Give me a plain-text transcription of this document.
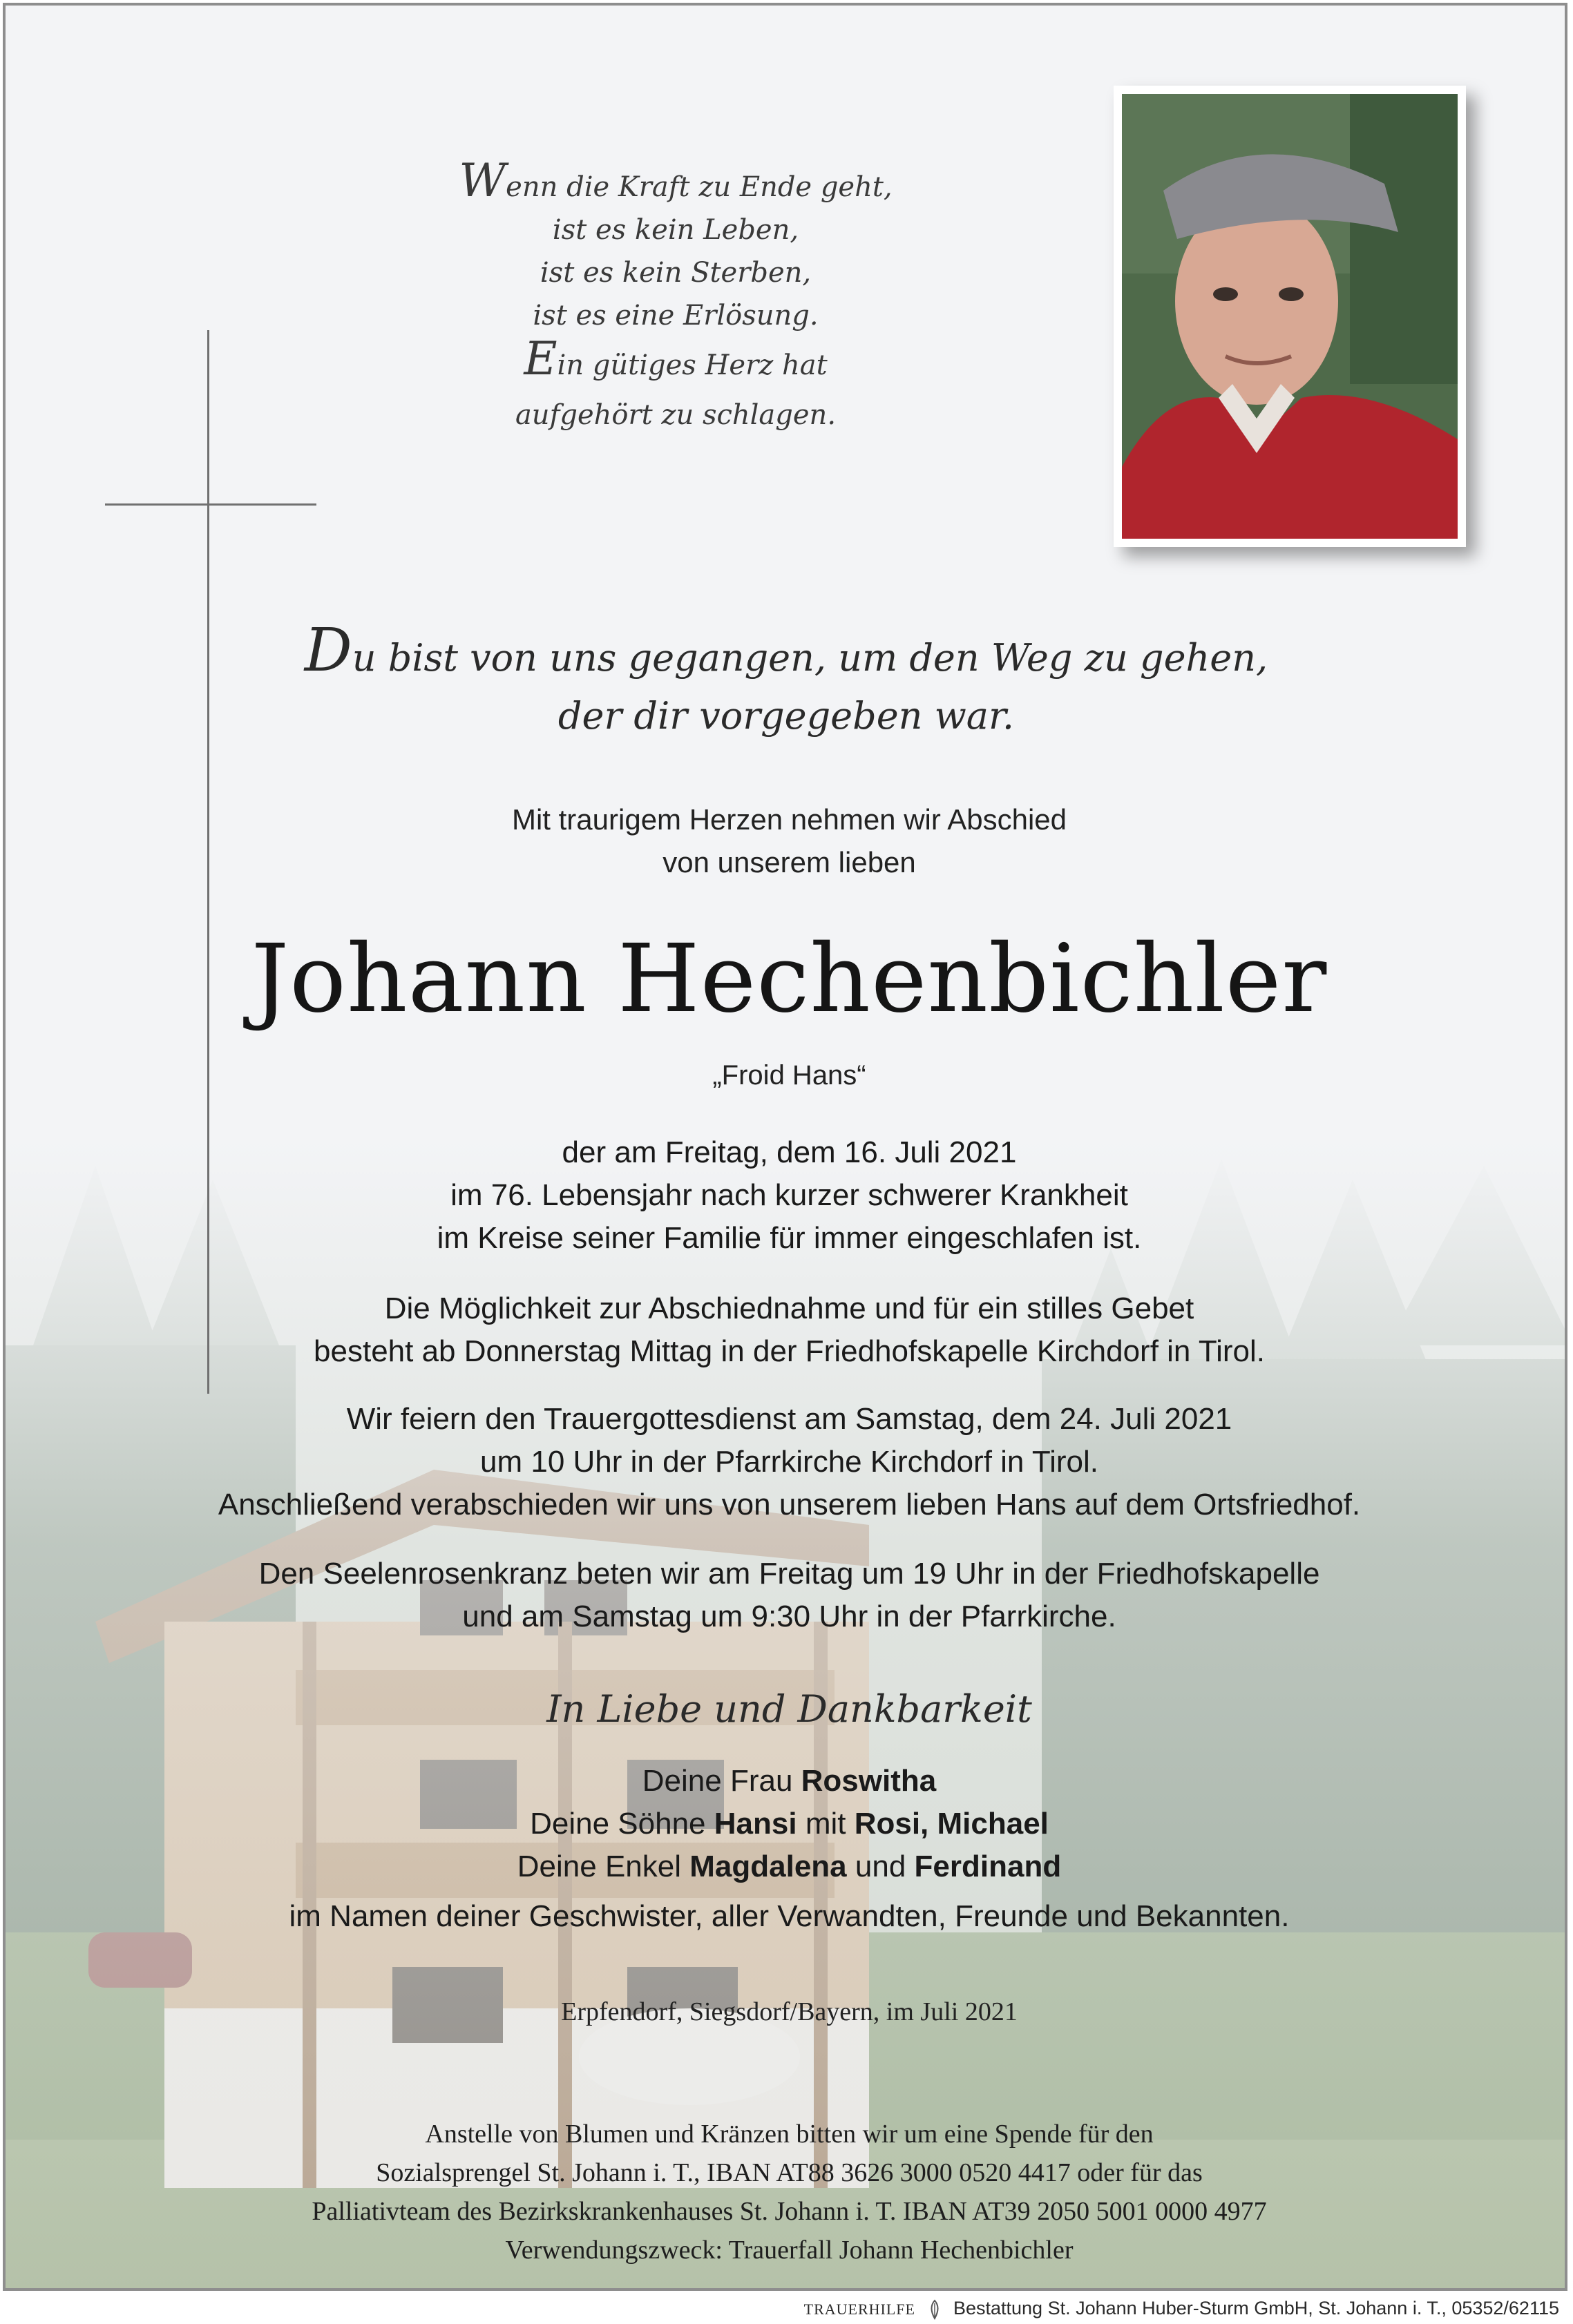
Wenn die Kraft zu Ende geht,
ist es kein Leben,
ist es kein Sterben,
ist es eine Erlösung.
Ein gütiges Herz hat
aufgehört zu schlagen.
Du bist von uns gegangen, um den Weg zu gehen,
der dir vorgegeben war.
Mit traurigem Herzen nehmen wir Abschied
von unserem lieben
Johann Hechenbichler
„Froid Hans“
der am Freitag, dem 16. Juli 2021
im 76. Lebensjahr nach kurzer schwerer Krankheit
im Kreise seiner Familie für immer eingeschlafen ist.
Die Möglichkeit zur Abschiednahme und für ein stilles Gebet
besteht ab Donnerstag Mittag in der Friedhofskapelle Kirchdorf in Tirol.
Wir feiern den Trauergottesdienst am Samstag, dem 24. Juli 2021
um 10 Uhr in der Pfarrkirche Kirchdorf in Tirol.
Anschließend verabschieden wir uns von unserem lieben Hans auf dem Ortsfriedhof.
Den Seelenrosenkranz beten wir am Freitag um 19 Uhr in der Friedhofskapelle
und am Samstag um 9:30 Uhr in der Pfarrkirche.
In Liebe und Dankbarkeit
Deine Frau Roswitha
Deine Söhne Hansi mit Rosi, Michael
Deine Enkel Magdalena und Ferdinand
im Namen deiner Geschwister, aller Verwandten, Freunde und Bekannten.
Erpfendorf, Siegsdorf/Bayern, im Juli 2021
Anstelle von Blumen und Kränzen bitten wir um eine Spende für den
Sozialsprengel St. Johann i. T., IBAN AT88 3626 3000 0520 4417 oder für das
Palliativteam des Bezirkskrankenhauses St. Johann i. T. IBAN AT39 2050 5001 0000 4977
Verwendungszweck: Trauerfall Johann Hechenbichler
TRAUERHILFE Bestattung St. Johann Huber-Sturm GmbH, St. Johann i. T., 05352/62115
